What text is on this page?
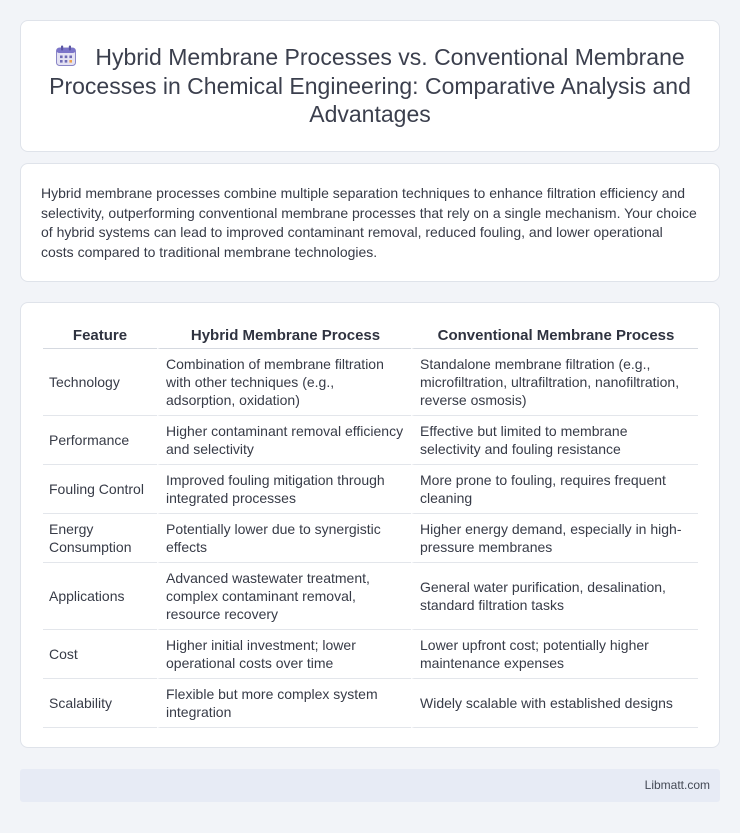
Hybrid Membrane Processes vs. Conventional Membrane Processes in Chemical Engineering: Comparative Analysis and Advantages

Hybrid membrane processes combine multiple separation techniques to enhance filtration efficiency and selectivity, outperforming conventional membrane processes that rely on a single mechanism. Your choice of hybrid systems can lead to improved contaminant removal, reduced fouling, and lower operational costs compared to traditional membrane technologies.

Feature	Hybrid Membrane Process	Conventional Membrane Process
Technology	Combination of membrane filtration with other techniques (e.g., adsorption, oxidation)	Standalone membrane filtration (e.g., microfiltration, ultrafiltration, nanofiltration, reverse osmosis)
Performance	Higher contaminant removal efficiency and selectivity	Effective but limited to membrane selectivity and fouling resistance
Fouling Control	Improved fouling mitigation through integrated processes	More prone to fouling, requires frequent cleaning
Energy Consumption	Potentially lower due to synergistic effects	Higher energy demand, especially in high-pressure membranes
Applications	Advanced wastewater treatment, complex contaminant removal, resource recovery	General water purification, desalination, standard filtration tasks
Cost	Higher initial investment; lower operational costs over time	Lower upfront cost; potentially higher maintenance expenses
Scalability	Flexible but more complex system integration	Widely scalable with established designs
Libmatt.com
